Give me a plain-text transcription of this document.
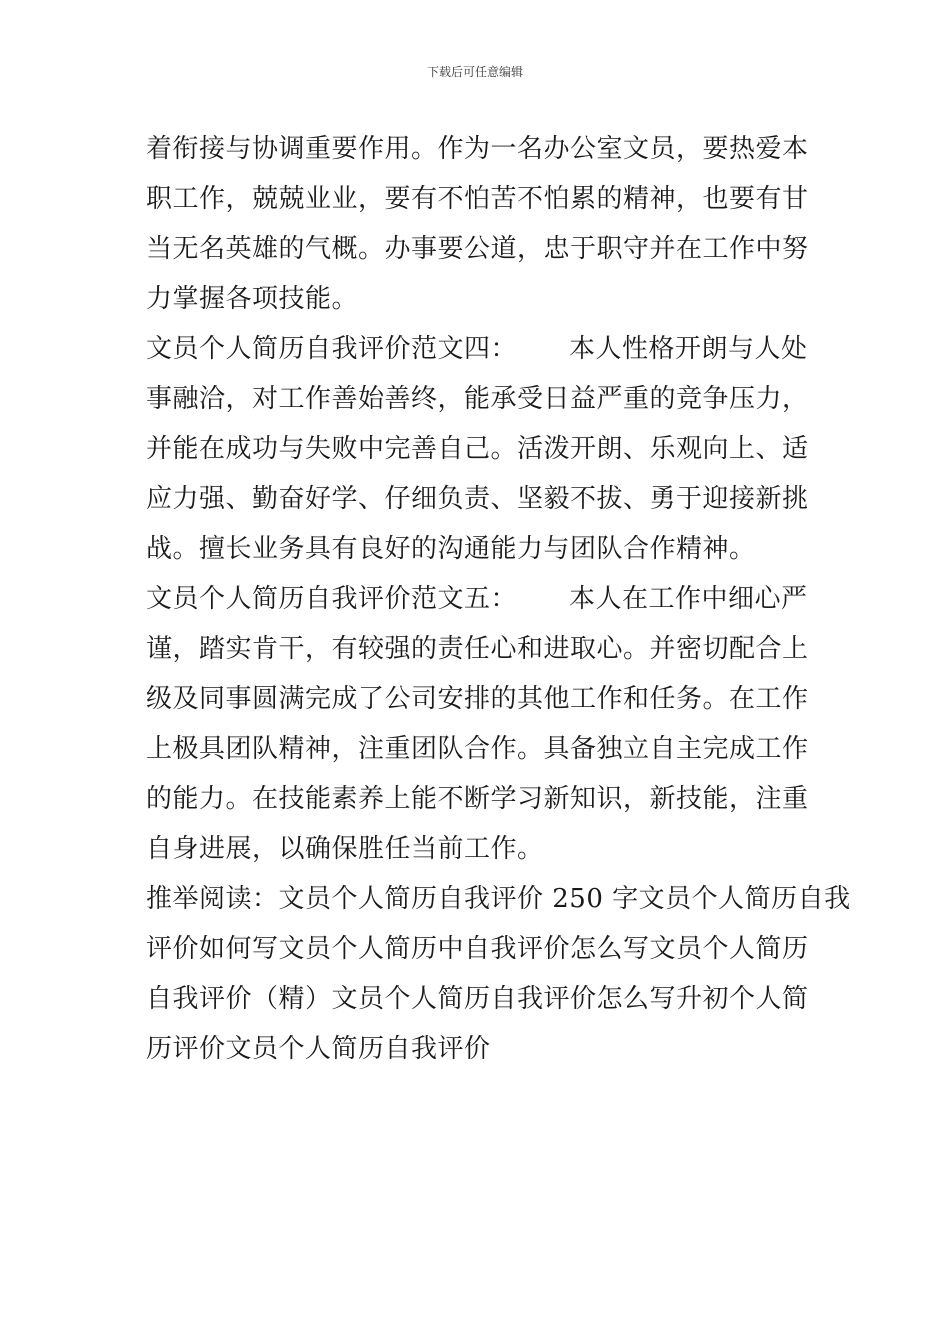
下载后可任意编辑
着衔接与协调重要作用。作为一名办公室文员，要热爱本
职工作，兢兢业业，要有不怕苦不怕累的精神，也要有甘
当无名英雄的气概。办事要公道，忠于职守并在工作中努
力掌握各项技能。
文员个人简历自我评价范文四： 本人性格开朗与人处
事融洽，对工作善始善终，能承受日益严重的竞争压力，
并能在成功与失败中完善自己。活泼开朗、乐观向上、适
应力强、勤奋好学、仔细负责、坚毅不拔、勇于迎接新挑
战。擅长业务具有良好的沟通能力与团队合作精神。
文员个人简历自我评价范文五： 本人在工作中细心严
谨，踏实肯干，有较强的责任心和进取心。并密切配合上
级及同事圆满完成了公司安排的其他工作和任务。在工作
上极具团队精神，注重团队合作。具备独立自主完成工作
的能力。在技能素养上能不断学习新知识，新技能，注重
自身进展，以确保胜任当前工作。
推举阅读：文员个人简历自我评价 250 字文员个人简历自我
评价如何写文员个人简历中自我评价怎么写文员个人简历
自我评价（精）文员个人简历自我评价怎么写升初个人简
历评价文员个人简历自我评价
